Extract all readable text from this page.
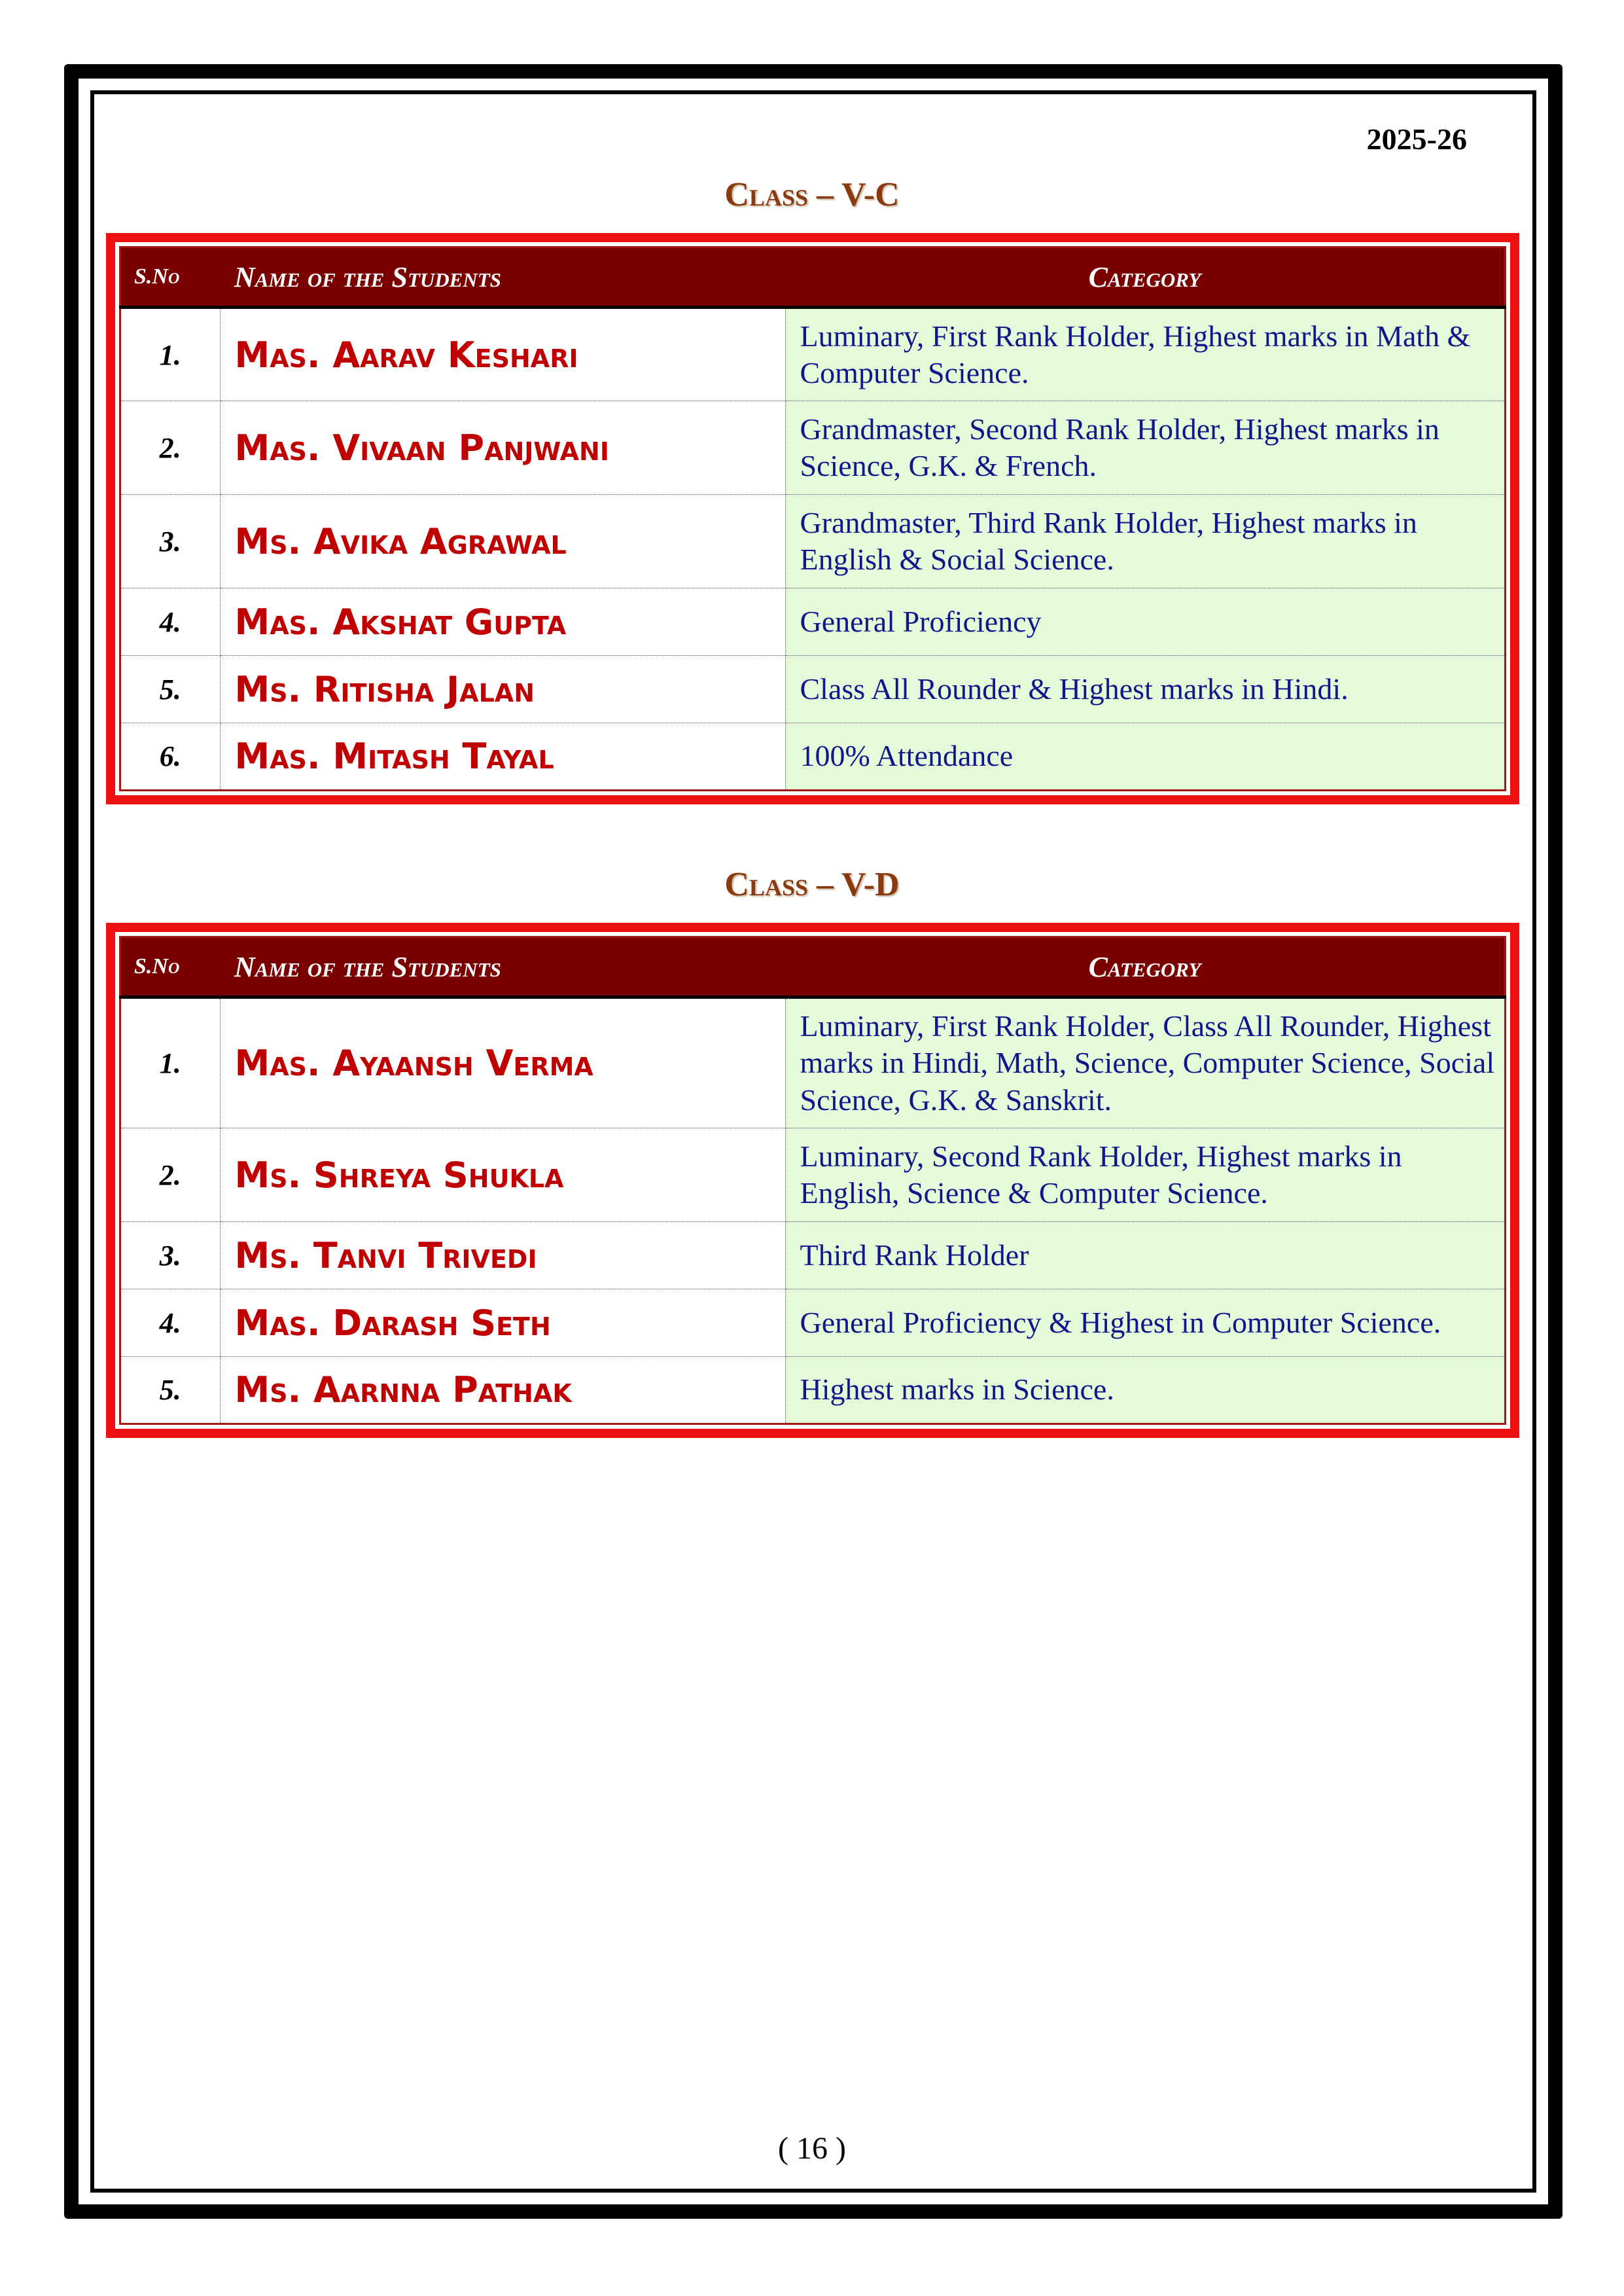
2025-26
Class – V-C
S.No	Name of the Students	Category
1.	Mas. Aarav Keshari	Luminary, First Rank Holder, Highest marks in Math & Computer Science.
2.	Mas. Vivaan Panjwani	Grandmaster, Second Rank Holder, Highest marks in Science, G.K. & French.
3.	Ms. Avika Agrawal	Grandmaster, Third Rank Holder, Highest marks in English & Social Science.
4.	Mas. Akshat Gupta	General Proficiency
5.	Ms. Ritisha Jalan	Class All Rounder & Highest marks in Hindi.
6.	Mas. Mitash Tayal	100% Attendance
Class – V-D
S.No	Name of the Students	Category
1.	Mas. Ayaansh Verma	Luminary, First Rank Holder, Class All Rounder, Highest marks in Hindi, Math, Science, Computer Science, Social Science, G.K. & Sanskrit.
2.	Ms. Shreya Shukla	Luminary, Second Rank Holder, Highest marks in English, Science & Computer Science.
3.	Ms. Tanvi Trivedi	Third Rank Holder
4.	Mas. Darash Seth	General Proficiency & Highest in Computer Science.
5.	Ms. Aarnna Pathak	Highest marks in Science.
( 16 )
